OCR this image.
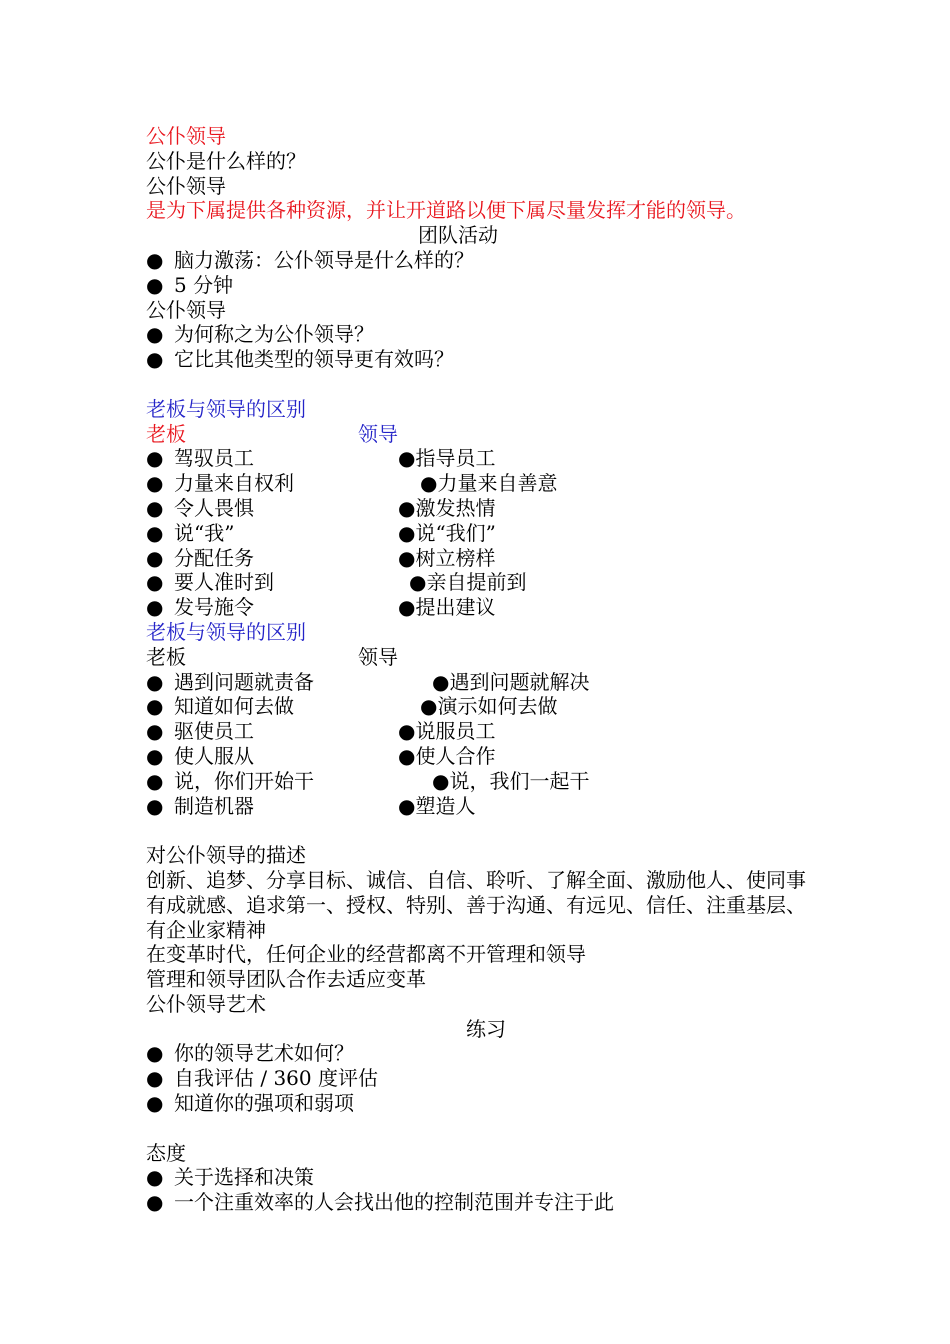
公仆领导
公仆是什么样的？
公仆领导
是为下属提供各种资源，并让开道路以便下属尽量发挥才能的领导。
团队活动
● 脑力激荡：公仆领导是什么样的？
● 5 分钟
公仆领导
● 为何称之为公仆领导？
● 它比其他类型的领导更有效吗？
老板与领导的区别
老板	领导
● 驾驭员工	● 指导员工
● 力量来自权利	● 力量来自善意
● 令人畏惧	● 激发热情
● 说“我”	● 说“我们”
● 分配任务	● 树立榜样
● 要人准时到	● 亲自提前到
● 发号施令	● 提出建议
老板与领导的区别
老板	领导
● 遇到问题就责备	● 遇到问题就解决
● 知道如何去做	● 演示如何去做
● 驱使员工	● 说服员工
● 使人服从	● 使人合作
● 说，你们开始干	● 说，我们一起干
● 制造机器	● 塑造人
对公仆领导的描述
创新、追梦、分享目标、诚信、自信、聆听、了解全面、激励他人、使同事有成就感、追求第一、授权、特别、善于沟通、有远见、信任、注重基层、有企业家精神
在变革时代，任何企业的经营都离不开管理和领导
管理和领导团队合作去适应变革
公仆领导艺术
练习
● 你的领导艺术如何？
● 自我评估 / 360 度评估
● 知道你的强项和弱项
态度
● 关于选择和决策
● 一个注重效率的人会找出他的控制范围并专注于此
